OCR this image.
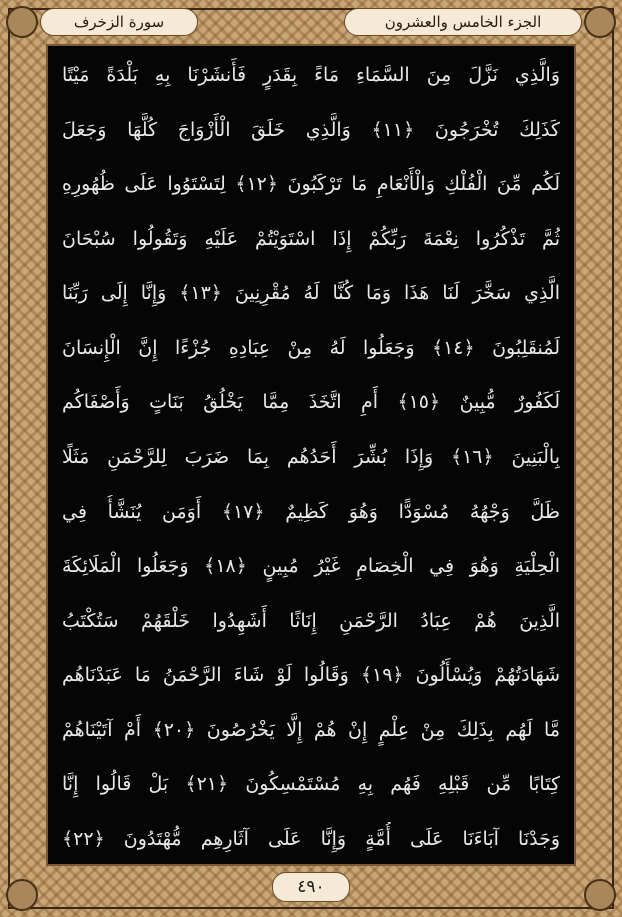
سورة الزخرف	الجزء الخامس والعشرون
وَالَّذِي نَزَّلَ مِنَ السَّمَاءِ مَاءً بِقَدَرٍ فَأَنشَرْنَا بِهِ بَلْدَةً مَيْتًا
كَذَلِكَ تُخْرَجُونَ ﴿١١﴾ وَالَّذِي خَلَقَ الْأَزْوَاجَ كُلَّهَا وَجَعَلَ
لَكُم مِّنَ الْفُلْكِ وَالْأَنْعَامِ مَا تَرْكَبُونَ ﴿١٢﴾ لِتَسْتَوُوا عَلَى ظُهُورِهِ
ثُمَّ تَذْكُرُوا نِعْمَةَ رَبِّكُمْ إِذَا اسْتَوَيْتُمْ عَلَيْهِ وَتَقُولُوا سُبْحَانَ
الَّذِي سَخَّرَ لَنَا هَذَا وَمَا كُنَّا لَهُ مُقْرِنِينَ ﴿١٣﴾ وَإِنَّا إِلَى رَبِّنَا
لَمُنقَلِبُونَ ﴿١٤﴾ وَجَعَلُوا لَهُ مِنْ عِبَادِهِ جُزْءًا إِنَّ الْإِنسَانَ
لَكَفُورٌ مُّبِينٌ ﴿١٥﴾ أَمِ اتَّخَذَ مِمَّا يَخْلُقُ بَنَاتٍ وَأَصْفَاكُم
بِالْبَنِينَ ﴿١٦﴾ وَإِذَا بُشِّرَ أَحَدُهُم بِمَا ضَرَبَ لِلرَّحْمَنِ مَثَلًا
ظَلَّ وَجْهُهُ مُسْوَدًّا وَهُوَ كَظِيمٌ ﴿١٧﴾ أَوَمَن يُنَشَّأُ فِي
الْحِلْيَةِ وَهُوَ فِي الْخِصَامِ غَيْرُ مُبِينٍ ﴿١٨﴾ وَجَعَلُوا الْمَلَائِكَةَ
الَّذِينَ هُمْ عِبَادُ الرَّحْمَنِ إِنَاثًا أَشَهِدُوا خَلْقَهُمْ سَتُكْتَبُ
شَهَادَتُهُمْ وَيُسْأَلُونَ ﴿١٩﴾ وَقَالُوا لَوْ شَاءَ الرَّحْمَنُ مَا عَبَدْنَاهُم
مَّا لَهُم بِذَلِكَ مِنْ عِلْمٍ إِنْ هُمْ إِلَّا يَخْرُصُونَ ﴿٢٠﴾ أَمْ آتَيْنَاهُمْ
كِتَابًا مِّن قَبْلِهِ فَهُم بِهِ مُسْتَمْسِكُونَ ﴿٢١﴾ بَلْ قَالُوا إِنَّا
وَجَدْنَا آبَاءَنَا عَلَى أُمَّةٍ وَإِنَّا عَلَى آثَارِهِم مُّهْتَدُونَ ﴿٢٢﴾
٤٩٠
